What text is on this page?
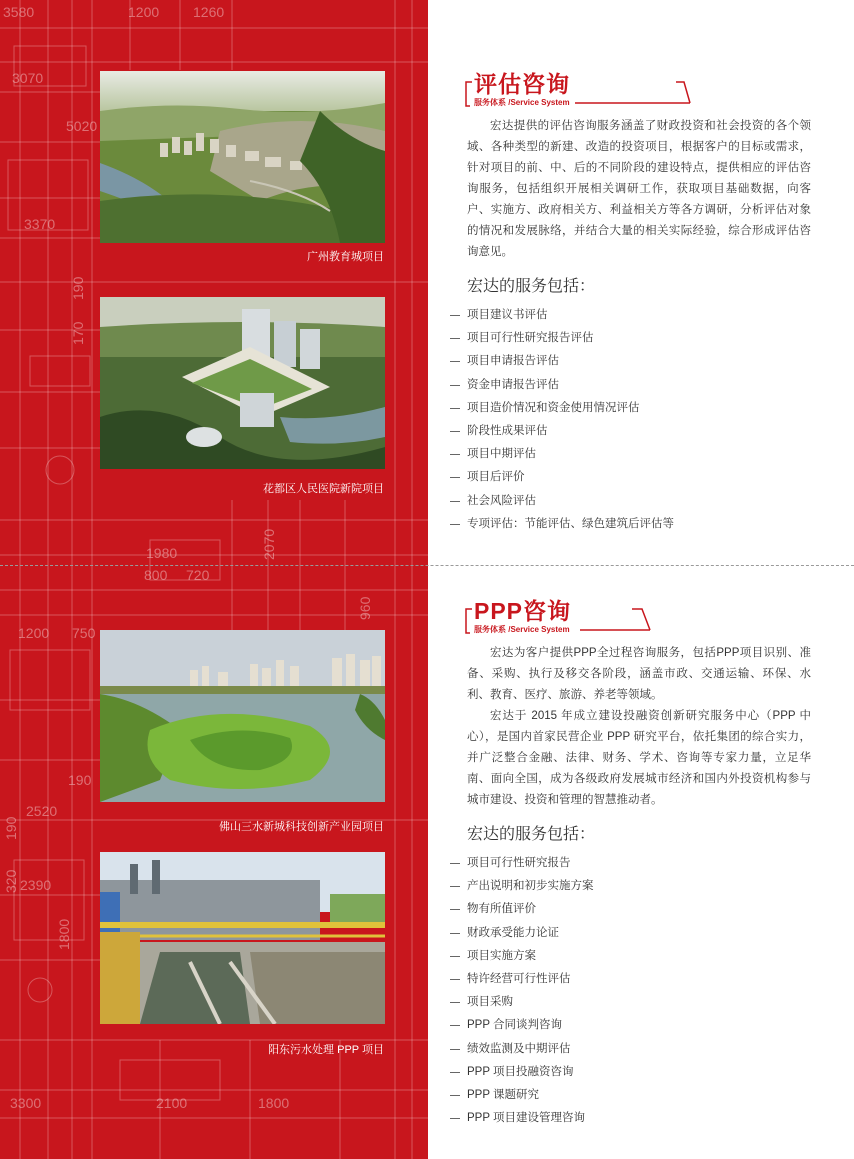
3580	1200 1260
3070
5020
3370
190
170
1980
720
800
2070
960
1200 750
190
2520
2390
1800
320
190
3300	2100	1800
广州教育城项目
花都区人民医院新院项目
佛山三水新城科技创新产业园项目
阳东污水处理 PPP 项目
评估咨询
服务体系 /Service System

宏达提供的评估咨询服务涵盖了财政投资和社会投资的各个领域、各种类型的新建、改造的投资项目，根据客户的目标或需求，针对项目的前、中、后的不同阶段的建设特点，提供相应的评估咨询服务，包括组织开展相关调研工作，获取项目基础数据，向客户、实施方、政府相关方、利益相关方等各方调研，分析评估对象的情况和发展脉络，并结合大量的相关实际经验，综合形成评估咨询意见。

宏达的服务包括：
项目建议书评估
项目可行性研究报告评估
项目申请报告评估
资金申请报告评估
项目造价情况和资金使用情况评估
阶段性成果评估
项目中期评估
项目后评价
社会风险评估
专项评估：节能评估、绿色建筑后评估等
PPP咨询
服务体系 /Service System

宏达为客户提供PPP全过程咨询服务，包括PPP项目识别、准备、采购、执行及移交各阶段，涵盖市政、交通运输、环保、水利、教育、医疗、旅游、养老等领域。

宏达于 2015 年成立建设投融资创新研究服务中心（PPP 中心），是国内首家民营企业 PPP 研究平台，依托集团的综合实力，并广泛整合金融、法律、财务、学术、咨询等专家力量，立足华南、面向全国，成为各级政府发展城市经济和国内外投资机构参与城市建设、投资和管理的智慧推动者。

宏达的服务包括：
项目可行性研究报告
产出说明和初步实施方案
物有所值评价
财政承受能力论证
项目实施方案
特许经营可行性评估
项目采购
PPP 合同谈判咨询
绩效监测及中期评估
PPP 项目投融资咨询
PPP 课题研究
PPP 项目建设管理咨询
